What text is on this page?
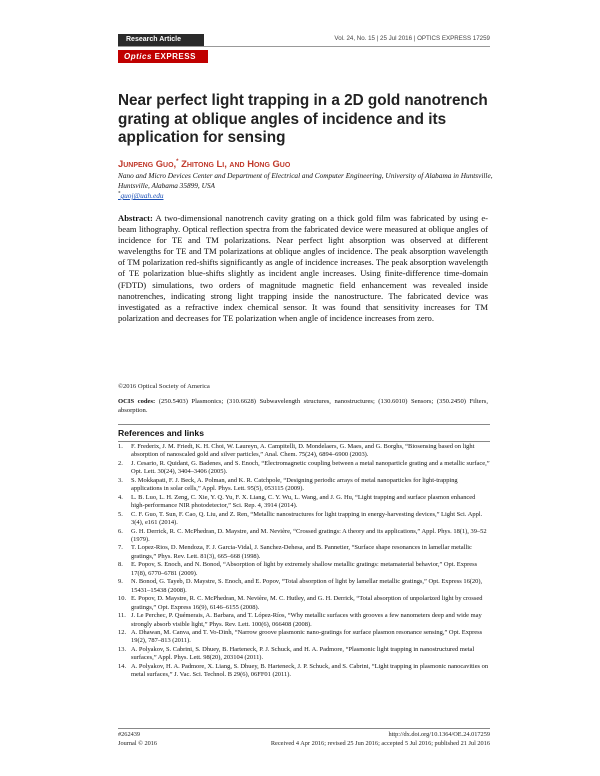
Research Article	Vol. 24, No. 15 | 25 Jul 2016 | OPTICS EXPRESS 17259
Optics EXPRESS
Near perfect light trapping in a 2D gold nanotrench grating at oblique angles of incidence and its application for sensing
Junpeng Guo,* Zhitong Li, and Hong Guo
Nano and Micro Devices Center and Department of Electrical and Computer Engineering, University of Alabama in Huntsville, Huntsville, Alabama 35899, USA
*guoj@uah.edu

Abstract: A two-dimensional nanotrench cavity grating on a thick gold film was fabricated by using e-beam lithography. Optical reflection spectra from the fabricated device were measured at oblique angles of incidence for TE and TM polarizations. Near perfect light absorption was observed at different wavelengths for TE and TM polarizations at oblique angles of incidence. The peak absorption wavelength of TM polarization red-shifts significantly as angle of incidence increases. The peak absorption wavelength of TE polarization blue-shifts slightly as incident angle increases. Using finite-difference time-domain (FDTD) simulations, two orders of magnitude magnetic field enhancement was revealed inside nanotrenches, indicating strong light trapping inside the nanostructure. The fabricated device was investigated as a refractive index chemical sensor. It was found that sensitivity increases for TM polarization and decreases for TE polarization when angle of incidence increases from zero.

©2016 Optical Society of America

OCIS codes: (250.5403) Plasmonics; (310.6628) Subwavelength structures, nanostructures; (130.6010) Sensors; (350.2450) Filters, absorption.

References and links
1.	F. Frederix, J. M. Friedt, K. H. Choi, W. Laureyn, A. Campitelli, D. Mondelaers, G. Maes, and G. Borghs, “Biosensing based on light absorption of nanoscaled gold and silver particles,” Anal. Chem. 75(24), 6894–6900 (2003).
2.	J. Cesario, R. Quidant, G. Badenes, and S. Enoch, “Electromagnetic coupling between a metal nanoparticle grating and a metallic surface,” Opt. Lett. 30(24), 3404–3406 (2005).
3.	S. Mokkapati, F. J. Beck, A. Polman, and K. R. Catchpole, “Designing periodic arrays of metal nanoparticles for light-trapping applications in solar cells,” Appl. Phys. Lett. 95(5), 053115 (2009).
4.	L. B. Luo, L. H. Zeng, C. Xie, Y. Q. Yu, F. X. Liang, C. Y. Wu, L. Wang, and J. G. Hu, “Light trapping and surface plasmon enhanced high-performance NIR photodetector,” Sci. Rep. 4, 3914 (2014).
5.	C. F. Guo, T. Sun, F. Cao, Q. Liu, and Z. Ren, “Metallic nanostructures for light trapping in energy-harvesting devices,” Light Sci. Appl. 3(4), e161 (2014).
6.	G. H. Derrick, R. C. McPhedran, D. Maystre, and M. Nevière, “Crossed gratings: A theory and its applications,” Appl. Phys. 18(1), 39–52 (1979).
7.	T. Lopez-Rios, D. Mendoza, F. J. Garcia-Vidal, J. Sanchez-Dehesa, and B. Pannetier, “Surface shape resonances in lamellar metallic gratings,” Phys. Rev. Lett. 81(3), 665–668 (1998).
8.	E. Popov, S. Enoch, and N. Bonod, “Absorption of light by extremely shallow metallic gratings: metamaterial behavior,” Opt. Express 17(8), 6770–6781 (2009).
9.	N. Bonod, G. Tayeb, D. Maystre, S. Enoch, and E. Popov, “Total absorption of light by lamellar metallic gratings,” Opt. Express 16(20), 15431–15438 (2008).
10. E. Popov, D. Maystre, R. C. McPhedran, M. Nevière, M. C. Hutley, and G. H. Derrick, “Total absorption of unpolarized light by crossed gratings,” Opt. Express 16(9), 6146–6155 (2008).
11. J. Le Perchec, P. Quémerais, A. Barbara, and T. López-Ríos, “Why metallic surfaces with grooves a few nanometers deep and wide may strongly absorb visible light,” Phys. Rev. Lett. 100(6), 066408 (2008).
12. A. Dhawan, M. Canva, and T. Vo-Dinh, “Narrow groove plasmonic nano-gratings for surface plasmon resonance sensing,” Opt. Express 19(2), 787–813 (2011).
13. A. Polyakov, S. Cabrini, S. Dhuey, B. Harteneck, P. J. Schuck, and H. A. Padmore, “Plasmonic light trapping in nanostructured metal surfaces,” Appl. Phys. Lett. 98(20), 203104 (2011).
14. A. Polyakov, H. A. Padmore, X. Liang, S. Dhuey, B. Harteneck, J. P. Schuck, and S. Cabrini, “Light trapping in plasmonic nanocavities on metal surfaces,” J. Vac. Sci. Technol. B 29(6), 06FF01 (2011).
#262439
Journal © 2016
http://dx.doi.org/10.1364/OE.24.017259
Received 4 Apr 2016; revised 25 Jun 2016; accepted 5 Jul 2016; published 21 Jul 2016
